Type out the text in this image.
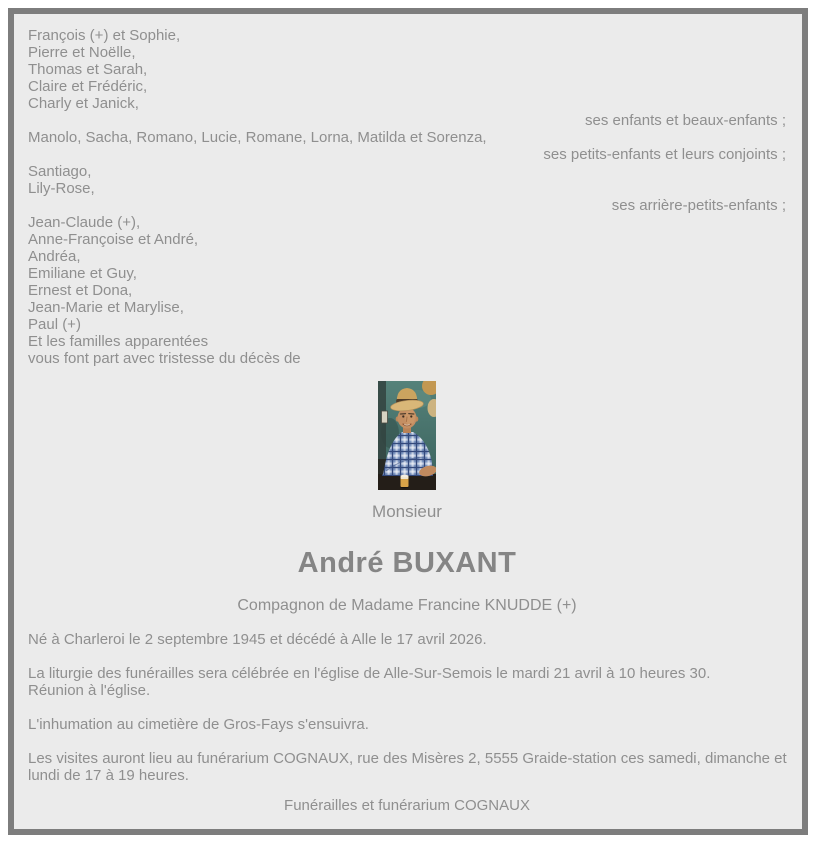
François (+) et Sophie,
Pierre et Noëlle,
Thomas et Sarah,
Claire et Frédéric,
Charly et Janick,
ses enfants et beaux-enfants ;
Manolo, Sacha, Romano, Lucie, Romane, Lorna, Matilda et Sorenza,
ses petits-enfants et leurs conjoints ;
Santiago,
Lily-Rose,
ses arrière-petits-enfants ;
Jean-Claude (+),
Anne-Françoise et André,
Andréa,
Emiliane et Guy,
Ernest et Dona,
Jean-Marie et Marylise,
Paul (+)
Et les familles apparentées
vous font part avec tristesse du décès de
Monsieur
André BUXANT
Compagnon de Madame Francine KNUDDE (+)
Né à Charleroi le 2 septembre 1945 et décédé à Alle le 17 avril 2026.
La liturgie des funérailles sera célébrée en l'église de Alle-Sur-Semois le mardi 21 avril à 10 heures 30.
Réunion à l'église.
L'inhumation au cimetière de Gros-Fays s'ensuivra.
Les visites auront lieu au funérarium COGNAUX, rue des Misères 2, 5555 Graide-station ces samedi, dimanche et
lundi de 17 à 19 heures.
Funérailles et funérarium COGNAUX
